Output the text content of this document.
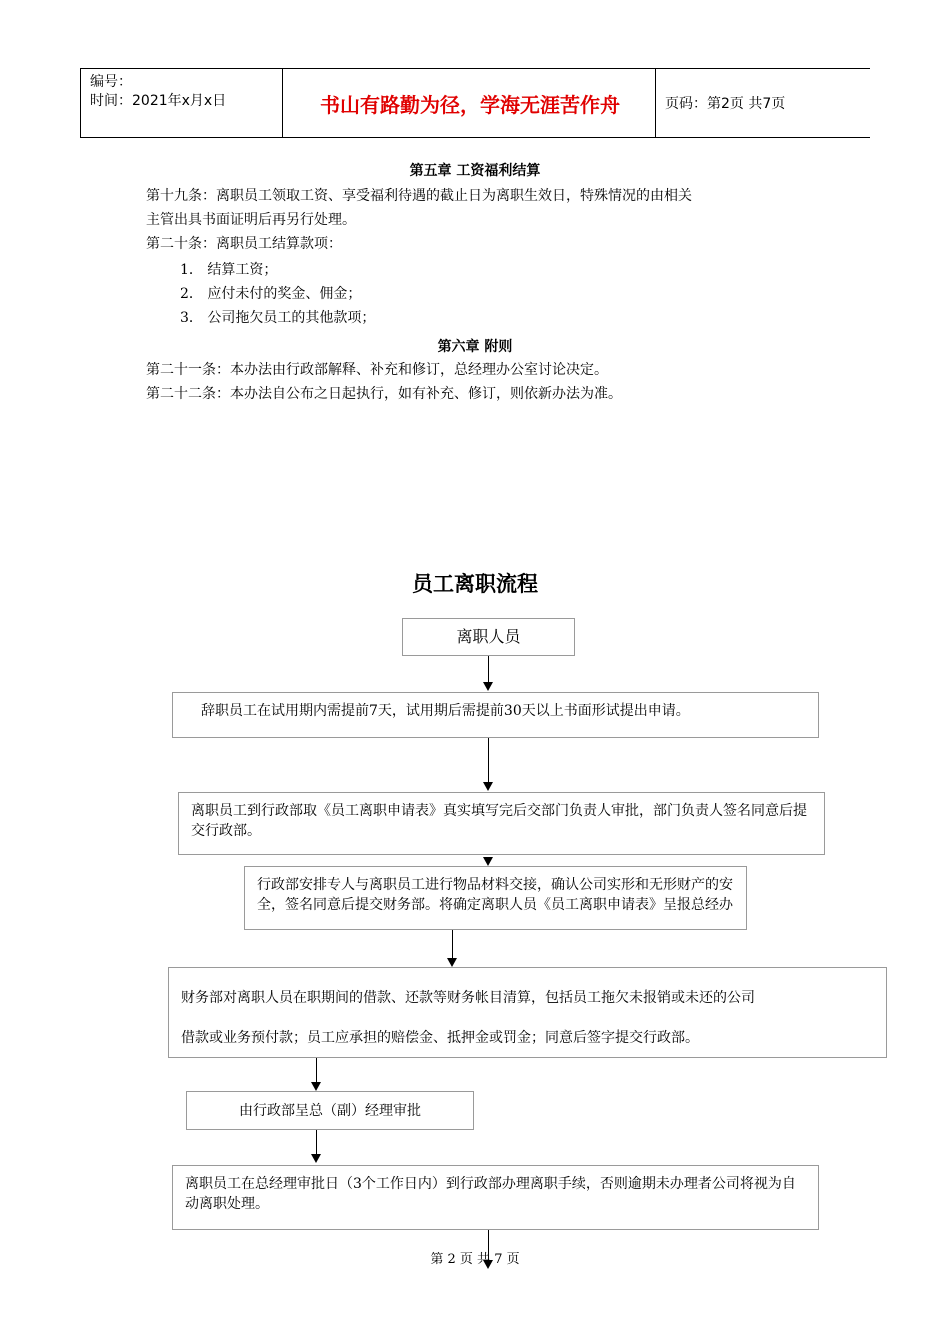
编号：
时间：2021年x月x日	书山有路勤为径，学海无涯苦作舟	页码：第2页 共7页
第五章 工资福利结算
第十九条：离职员工领取工资、享受福利待遇的截止日为离职生效日，特殊情况的由相关
主管出具书面证明后再另行处理。
第二十条：离职员工结算款项：
1． 结算工资；
2． 应付未付的奖金、佣金；
3． 公司拖欠员工的其他款项；
第六章 附则
第二十一条：本办法由行政部解释、补充和修订，总经理办公室讨论决定。
第二十二条：本办法自公布之日起执行，如有补充、修订，则依新办法为准。
员工离职流程
离职人员
辞职员工在试用期内需提前7天，试用期后需提前30天以上书面形试提出申请。
离职员工到行政部取《员工离职申请表》真实填写完后交部门负责人审批，部门负责人签名同意后提交行政部。
行政部安排专人与离职员工进行物品材料交接，确认公司实形和无形财产的安全，签名同意后提交财务部。将确定离职人员《员工离职申请表》呈报总经办
财务部对离职人员在职期间的借款、还款等财务帐目清算，包括员工拖欠未报销或未还的公司
借款或业务预付款；员工应承担的赔偿金、抵押金或罚金；同意后签字提交行政部。
由行政部呈总（副）经理审批
离职员工在总经理审批日（3个工作日内）到行政部办理离职手续，否则逾期未办理者公司将视为自动离职处理。
第 2 页 共 7 页
